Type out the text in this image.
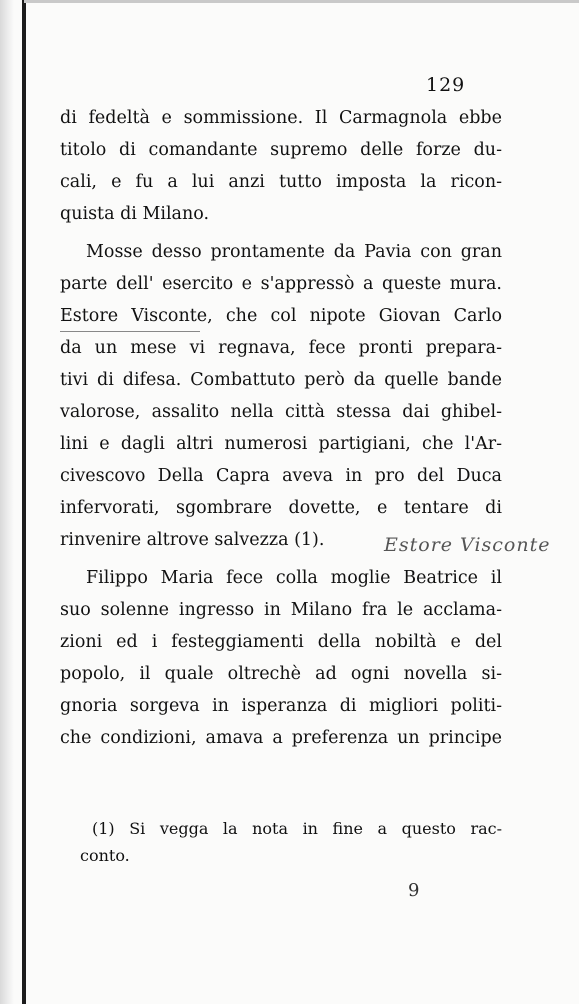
129
di fedeltà e sommissione. Il Carmagnola ebbe
titolo di comandante supremo delle forze du-
cali, e fu a lui anzi tutto imposta la ricon-
quista di Milano.
Mosse desso prontamente da Pavia con gran
parte dell' esercito e s'appressò a queste mura.
Estore Visconte, che col nipote Giovan Carlo
da un mese vi regnava, fece pronti prepara-
tivi di difesa. Combattuto però da quelle bande
valorose, assalito nella città stessa dai ghibel-
lini e dagli altri numerosi partigiani, che l'Ar-
civescovo Della Capra aveva in pro del Duca
infervorati, sgombrare dovette, e tentare di
rinvenire altrove salvezza (1).
Filippo Maria fece colla moglie Beatrice il
suo solenne ingresso in Milano fra le acclama-
zioni ed i festeggiamenti della nobiltà e del
popolo, il quale oltrechè ad ogni novella si-
gnoria sorgeva in isperanza di migliori politi-
che condizioni, amava a preferenza un principe
Estore Visconte
(1) Si vegga la nota in fine a questo rac-
conto.
9
